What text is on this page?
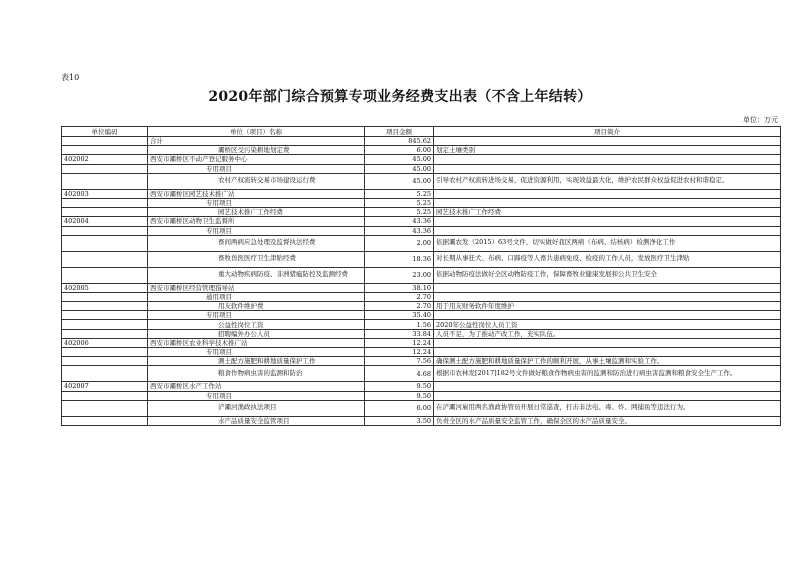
表10
2020年部门综合预算专项业务经费支出表（不含上年结转）
单位：万元
单位编码	单位（项目）名称	项目金额	项目简介
	合计	845.62	
	灞桥区受污染耕地划定费	6.00	划定土壤类别
402002	西安市灞桥区不动产登记服务中心	45.00	
	专用项目	45.00	
	农村产权流转交易市场建设运行费	45.00	引导农村产权流转进场交易，促进资源利用，实现效益最大化，维护农民群众权益促进农村和谐稳定。
402003	西安市灞桥区园艺技术推广站	5.25	
	专用项目	5.25	
	园艺技术推广工作经费	5.25	园艺技术推广工作经费
402004	西安市灞桥区动物卫生监督所	43.36	
	专用项目	43.36	
	畜间两病应急处理及监督执法经费	2.00	依据灞农发（2015）63号文件，切实做好我区两病（布病、结核病）检测净化工作
	畜牧兽医医疗卫生津贴经费	18.36	对长期从事狂犬、布病、口蹄疫等人畜共患病免疫、检疫的工作人员，发放医疗卫生津贴
	重大动物疾病防疫、非洲猪瘟防控及监测经费	23.00	依据动物防疫法做好全区动物防疫工作，保障畜牧业健康发展和公共卫生安全
402005	西安市灞桥区经营管理指导站	38.10	
	通用项目	2.70	
	用友软件维护费	2.70	用于用友财务软件年度维护
	专用项目	35.40	
	公益性岗位工资	1.56	2020年公益性岗位人员工资
	招聘编外办公人员	33.84	人员不足，为了推动产改工作，充实队伍。
402006	西安市灞桥区农业科学技术推广站	12.24	
	专用项目	12.24	
	测土配方施肥和耕地质量保护工作	7.56	确保测土配方施肥和耕地质量保护工作的顺利开展，从事土壤监测和实验工作。
	粮食作物病虫害的监测和防治	4.68	根据市农林发[2017]182号文件做好粮食作物病虫害的监测和防治进行病虫害监测和粮食安全生产工作。
402007	西安市灞桥区水产工作站	9.50	
	专用项目	9.50	
	浐灞河渔政执法项目	6.00	在浐灞河雇用两名渔政协管员开展日常巡查，打击非法电、毒、炸、网捕鱼等违法行为。
	水产品质量安全监管项目	3.50	负责全区的水产品质量安全监管工作，确保全区的水产品质量安全。
